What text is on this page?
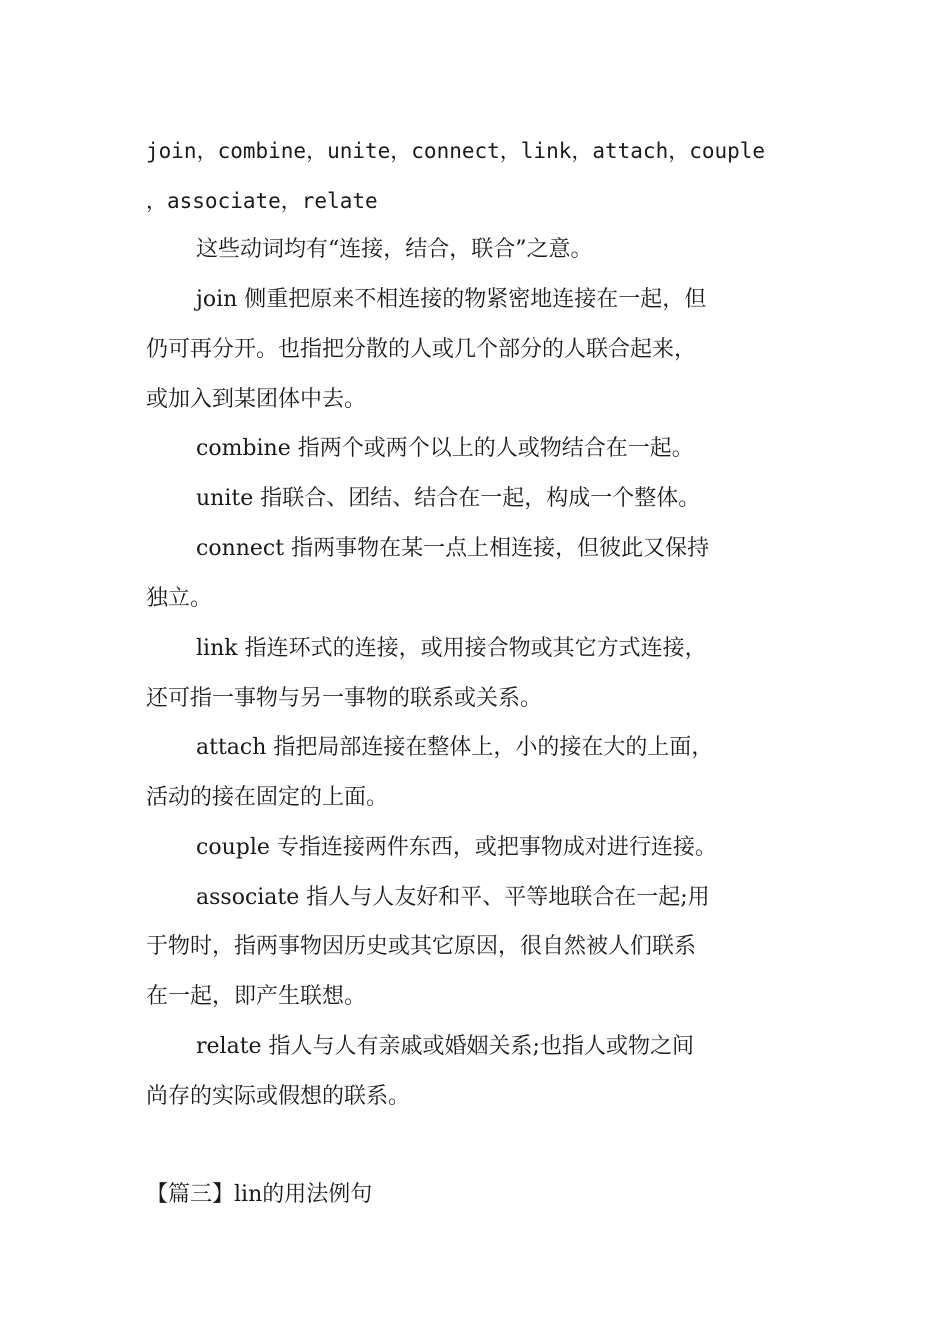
join，combine，unite，connect，link，attach，couple
，associate，relate
这些动词均有“连接，结合，联合”之意。
join 侧重把原来不相连接的物紧密地连接在一起，但
仍可再分开。也指把分散的人或几个部分的人联合起来，
或加入到某团体中去。
combine 指两个或两个以上的人或物结合在一起。
unite 指联合、团结、结合在一起，构成一个整体。
connect 指两事物在某一点上相连接，但彼此又保持
独立。
link 指连环式的连接，或用接合物或其它方式连接，
还可指一事物与另一事物的联系或关系。
attach 指把局部连接在整体上，小的接在大的上面，
活动的接在固定的上面。
couple 专指连接两件东西，或把事物成对进行连接。
associate 指人与人友好和平、平等地联合在一起;用
于物时，指两事物因历史或其它原因，很自然被人们联系
在一起，即产生联想。
relate 指人与人有亲戚或婚姻关系;也指人或物之间
尚存的实际或假想的联系。
【篇三】lin的用法例句
